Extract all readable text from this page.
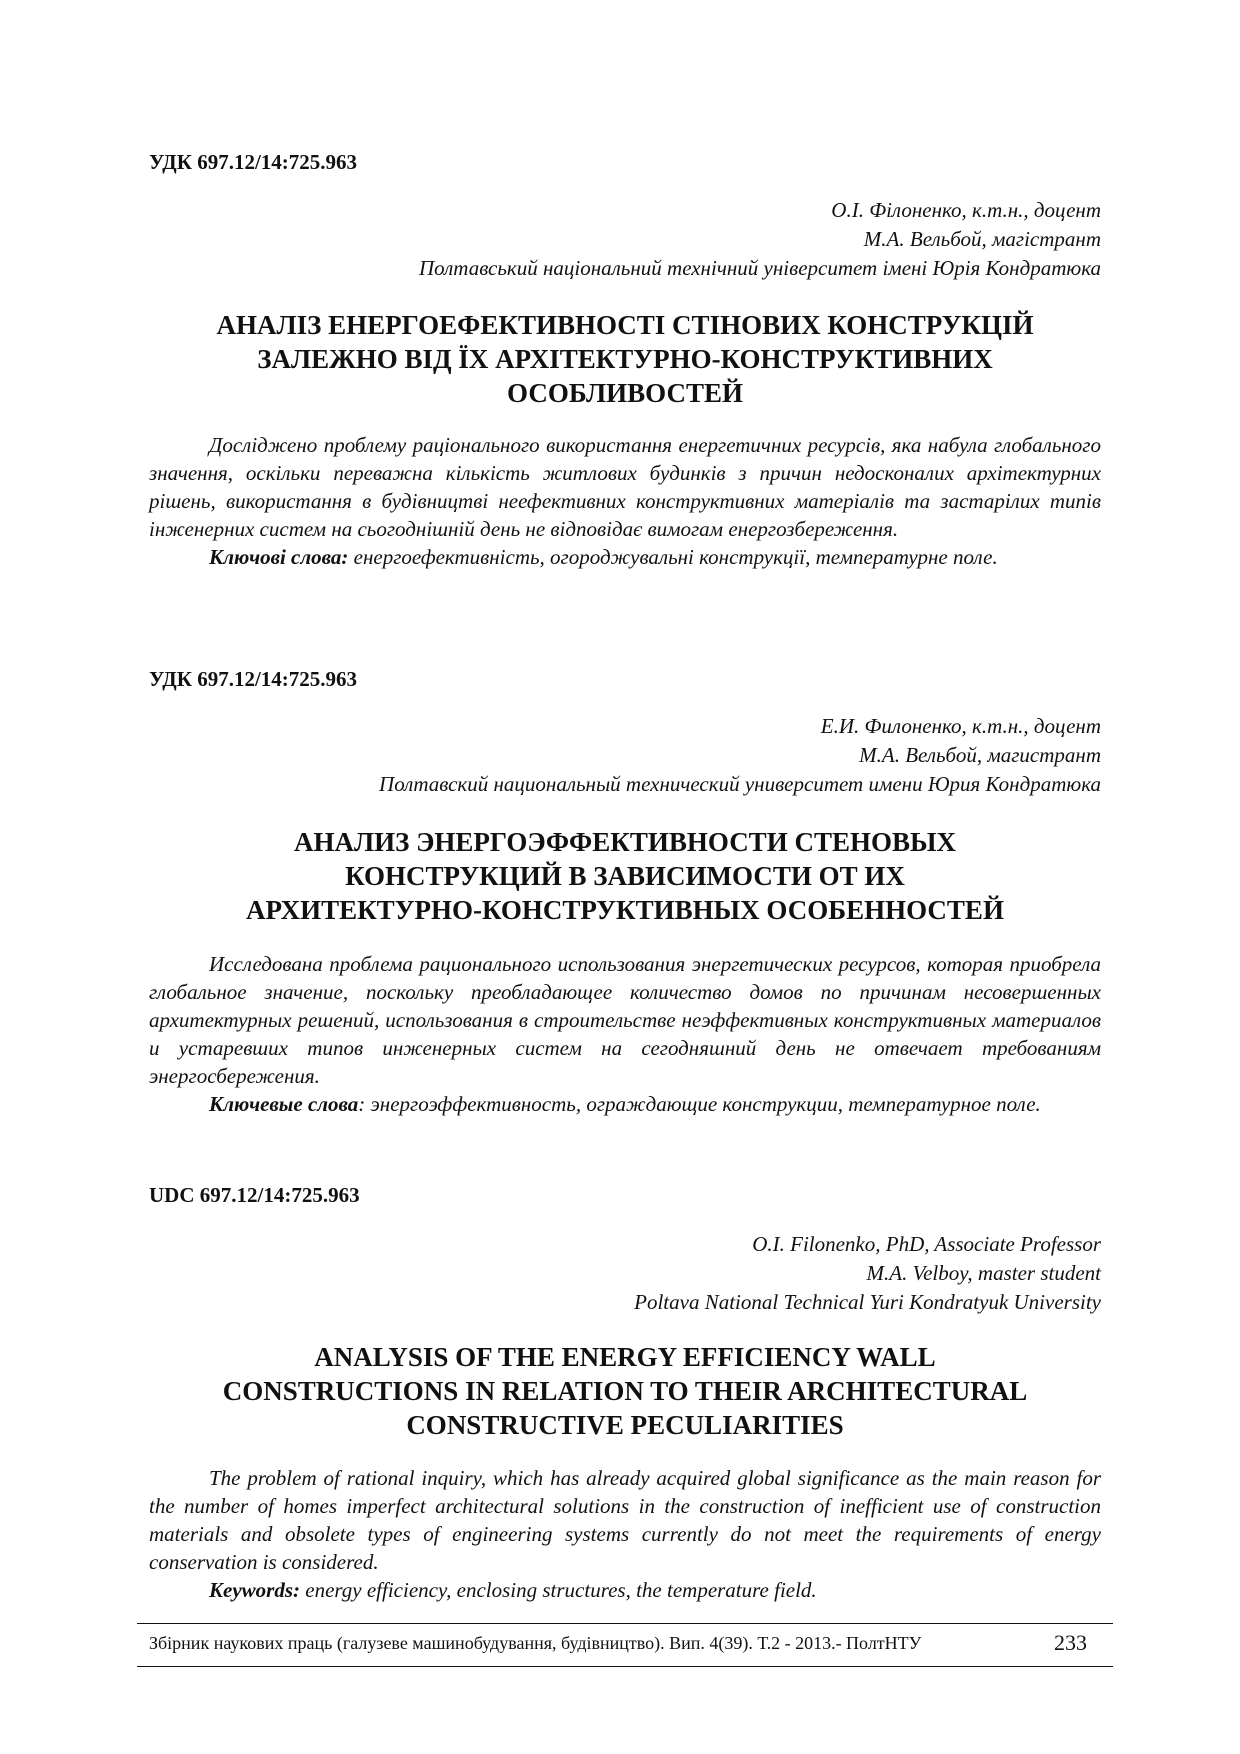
УДК 697.12/14:725.963

О.І. Філоненко, к.т.н., доцент
М.А. Вельбой, магістрант
Полтавський національний технічний університет імені Юрія Кондратюка
АНАЛІЗ ЕНЕРГОЕФЕКТИВНОСТІ СТІНОВИХ КОНСТРУКЦІЙ
ЗАЛЕЖНО ВІД ЇХ АРХІТЕКТУРНО-КОНСТРУКТИВНИХ
ОСОБЛИВОСТЕЙ

Досліджено проблему раціонального використання енергетичних ресурсів, яка набула глобального значення, оскільки переважна кількість житлових будинків з причин недосконалих архітектурних рішень, використання в будівництві неефективних конструктивних матеріалів та застарілих типів інженерних систем на сьогоднішній день не відповідає вимогам енергозбереження.

Ключові слова: енергоефективність, огороджувальні конструкції, температурне поле.

УДК 697.12/14:725.963

Е.И. Филоненко, к.т.н., доцент
М.А. Вельбой, магистрант
Полтавский национальный технический университет имени Юрия Кондратюка
АНАЛИЗ ЭНЕРГОЭФФЕКТИВНОСТИ СТЕНОВЫХ
КОНСТРУКЦИЙ В ЗАВИСИМОСТИ ОТ ИХ
АРХИТЕКТУРНО-КОНСТРУКТИВНЫХ ОСОБЕННОСТЕЙ

Исследована проблема рационального использования энергетических ресурсов, которая приобрела глобальное значение, поскольку преобладающее количество домов по причинам несовершенных архитектурных решений, использования в строительстве неэффективных конструктивных материалов и устаревших типов инженерных систем на сегодняшний день не отвечает требованиям энергосбережения.

Ключевые слова: энергоэффективность, ограждающие конструкции, температурное поле.

UDC 697.12/14:725.963

O.I. Filonenko, PhD, Associate Professor
M.A. Velboy, master student
Poltava National Technical Yuri Kondratyuk University
ANALYSIS OF THE ENERGY EFFICIENCY WALL
CONSTRUCTIONS IN RELATION TO THEIR ARCHITECTURAL
CONSTRUCTIVE PECULIARITIES

The problem of rational inquiry, which has already acquired global significance as the main reason for the number of homes imperfect architectural solutions in the construction of inefficient use of construction materials and obsolete types of engineering systems currently do not meet the requirements of energy conservation is considered.

Keywords: energy efficiency, enclosing structures, the temperature field.

Збірник наукових праць (галузеве машинобудування, будівництво). Вип. 4(39). Т.2 - 2013.- ПолтНТУ	233
